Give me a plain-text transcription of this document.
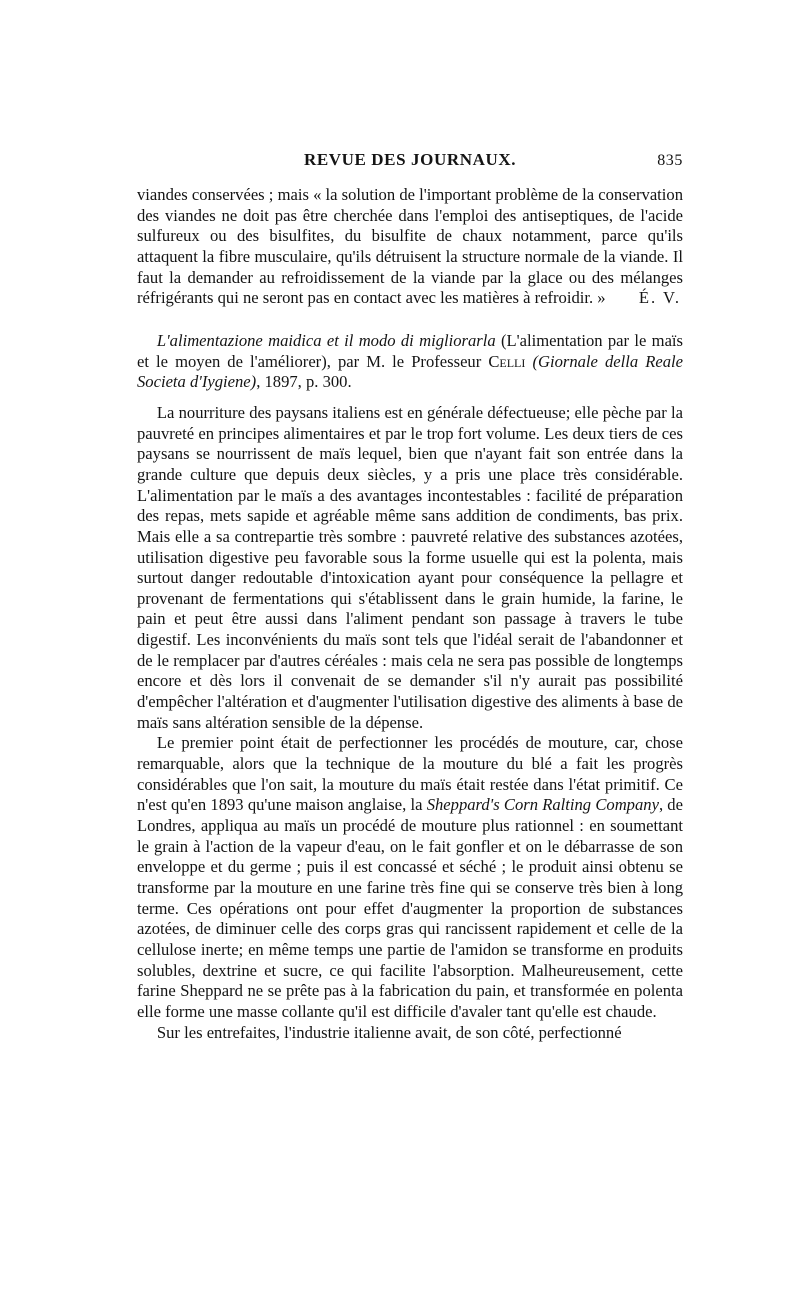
REVUE DES JOURNAUX.	835

viandes conservées ; mais « la solution de l'important problème de la conservation des viandes ne doit pas être cherchée dans l'emploi des antiseptiques, de l'acide sulfureux ou des bisulfites, du bisulfite de chaux notamment, parce qu'ils attaquent la fibre musculaire, qu'ils détruisent la structure normale de la viande. Il faut la demander au refroidissement de la viande par la glace ou des mélanges réfrigérants qui ne seront pas en contact avec les matières à refroidir. » É. V.

L'alimentazione maidica et il modo di migliorarla (L'alimentation par le maïs et le moyen de l'améliorer), par M. le Professeur Celli (Giornale della Reale Societa d'Iygiene), 1897, p. 300.

La nourriture des paysans italiens est en générale défectueuse; elle pèche par la pauvreté en principes alimentaires et par le trop fort volume. Les deux tiers de ces paysans se nourrissent de maïs lequel, bien que n'ayant fait son entrée dans la grande culture que depuis deux siècles, y a pris une place très considérable. L'alimentation par le maïs a des avantages incontestables : facilité de préparation des repas, mets sapide et agréable même sans addition de condiments, bas prix. Mais elle a sa contrepartie très sombre : pauvreté relative des substances azotées, utilisation digestive peu favorable sous la forme usuelle qui est la polenta, mais surtout danger redoutable d'intoxication ayant pour conséquence la pellagre et provenant de fermentations qui s'établissent dans le grain humide, la farine, le pain et peut être aussi dans l'aliment pendant son passage à travers le tube digestif. Les inconvénients du maïs sont tels que l'idéal serait de l'abandonner et de le remplacer par d'autres céréales : mais cela ne sera pas possible de longtemps encore et dès lors il convenait de se demander s'il n'y aurait pas possibilité d'empêcher l'altération et d'augmenter l'utilisation digestive des aliments à base de maïs sans altération sensible de la dépense.

Le premier point était de perfectionner les procédés de mouture, car, chose remarquable, alors que la technique de la mouture du blé a fait les progrès considérables que l'on sait, la mouture du maïs était restée dans l'état primitif. Ce n'est qu'en 1893 qu'une maison anglaise, la Sheppard's Corn Ralting Company, de Londres, appliqua au maïs un procédé de mouture plus rationnel : en soumettant le grain à l'action de la vapeur d'eau, on le fait gonfler et on le débarrasse de son enveloppe et du germe ; puis il est concassé et séché ; le produit ainsi obtenu se transforme par la mouture en une farine très fine qui se conserve très bien à long terme. Ces opérations ont pour effet d'augmenter la proportion de substances azotées, de diminuer celle des corps gras qui rancissent rapidement et celle de la cellulose inerte; en même temps une partie de l'amidon se transforme en produits solubles, dextrine et sucre, ce qui facilite l'absorption. Malheureusement, cette farine Sheppard ne se prête pas à la fabrication du pain, et transformée en polenta elle forme une masse collante qu'il est difficile d'avaler tant qu'elle est chaude.

Sur les entrefaites, l'industrie italienne avait, de son côté, perfectionné
